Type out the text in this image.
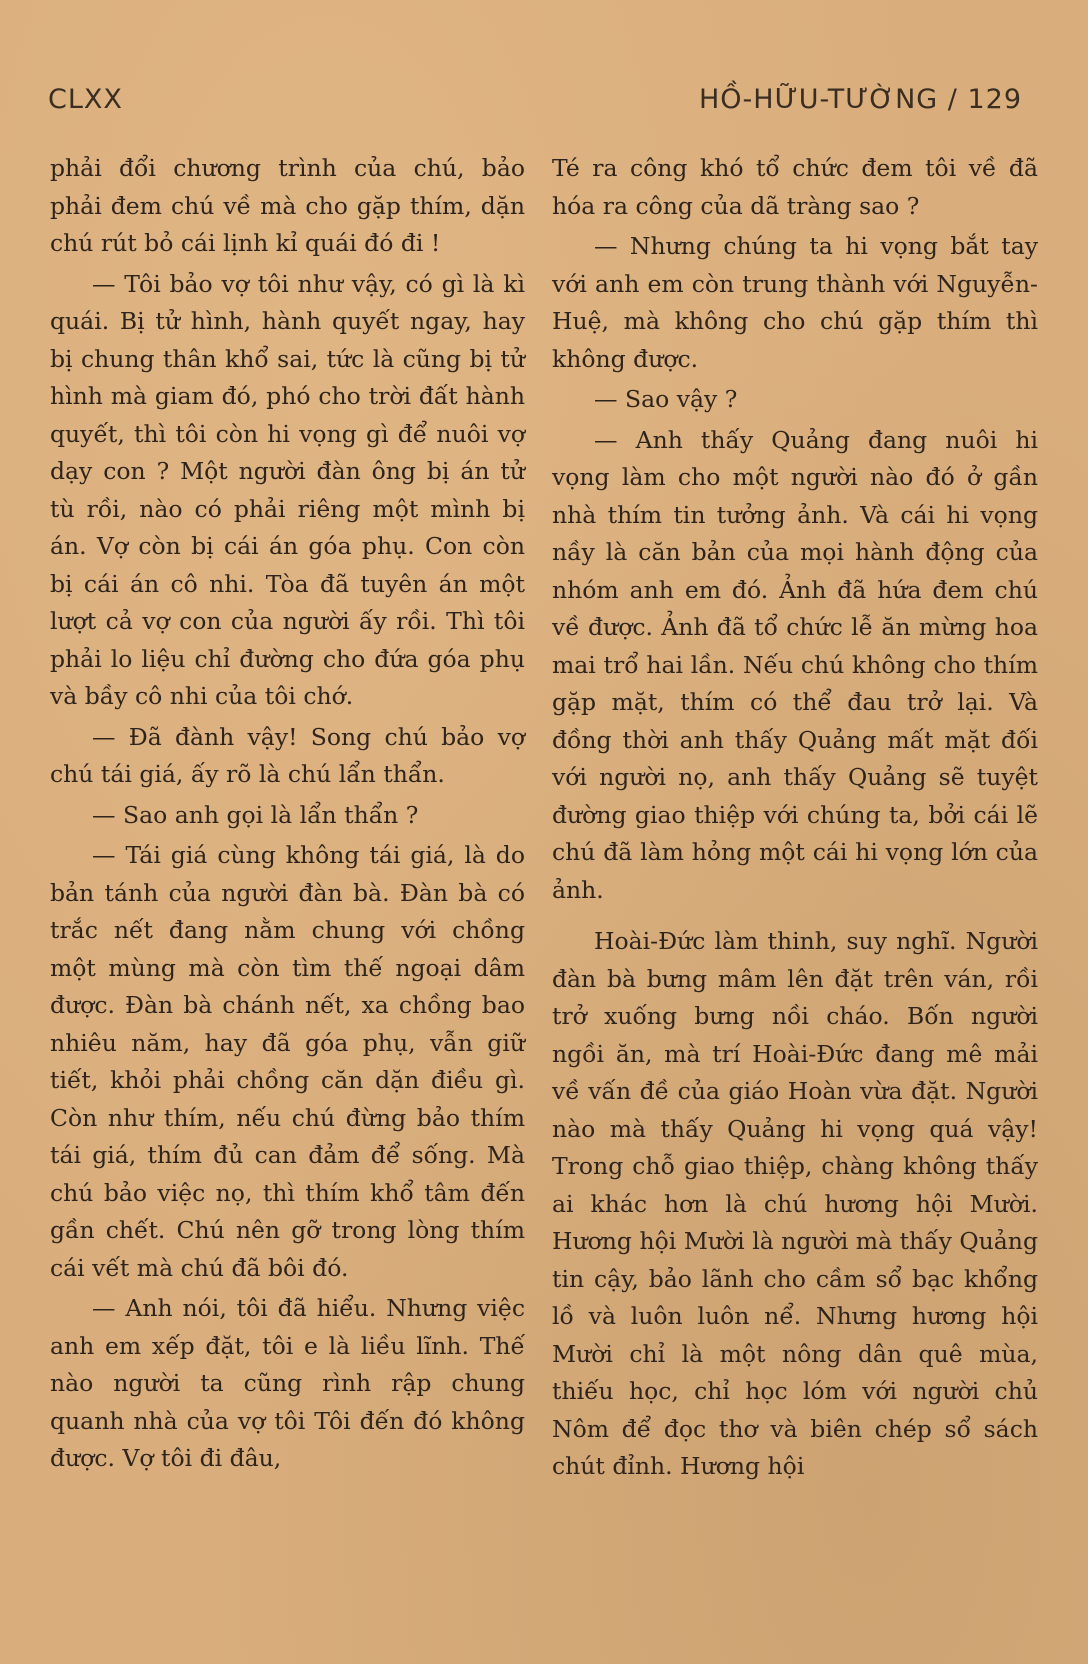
CLXX	HỒ-HỮU-TƯỜNG / 129

phải đổi chương trình của chú, bảo phải đem chú về mà cho gặp thím, dặn chú rút bỏ cái lịnh kỉ quái đó đi !

— Tôi bảo vợ tôi như vậy, có gì là kì quái. Bị tử hình, hành quyết ngay, hay bị chung thân khổ sai, tức là cũng bị tử hình mà giam đó, phó cho trời đất hành quyết, thì tôi còn hi vọng gì để nuôi vợ dạy con ? Một người đàn ông bị án tử tù rồi, nào có phải riêng một mình bị án. Vợ còn bị cái án góa phụ. Con còn bị cái án cô nhi. Tòa đã tuyên án một lượt cả vợ con của người ấy rồi. Thì tôi phải lo liệu chỉ đường cho đứa góa phụ và bầy cô nhi của tôi chớ.

— Đã đành vậy! Song chú bảo vợ chú tái giá, ấy rõ là chú lẩn thẩn.

— Sao anh gọi là lẩn thẩn ?

— Tái giá cùng không tái giá, là do bản tánh của người đàn bà. Đàn bà có trắc nết đang nằm chung với chồng một mùng mà còn tìm thế ngoại dâm được. Đàn bà chánh nết, xa chồng bao nhiêu năm, hay đã góa phụ, vẫn giữ tiết, khỏi phải chồng căn dặn điều gì. Còn như thím, nếu chú đừng bảo thím tái giá, thím đủ can đảm để sống. Mà chú bảo việc nọ, thì thím khổ tâm đến gần chết. Chú nên gỡ trong lòng thím cái vết mà chú đã bôi đó.

— Anh nói, tôi đã hiểu. Nhưng việc anh em xếp đặt, tôi e là liều lĩnh. Thế nào người ta cũng rình rập chung quanh nhà của vợ tôi Tôi đến đó không được. Vợ tôi đi đâu,

Té ra công khó tổ chức đem tôi về đã hóa ra công của dã tràng sao ?

— Nhưng chúng ta hi vọng bắt tay với anh em còn trung thành với Nguyễn-Huệ, mà không cho chú gặp thím thì không được.

— Sao vậy ?

— Anh thấy Quảng đang nuôi hi vọng làm cho một người nào đó ở gần nhà thím tin tưởng ảnh. Và cái hi vọng nầy là căn bản của mọi hành động của nhóm anh em đó. Ảnh đã hứa đem chú về được. Ảnh đã tổ chức lễ ăn mừng hoa mai trổ hai lần. Nếu chú không cho thím gặp mặt, thím có thể đau trở lại. Và đồng thời anh thấy Quảng mất mặt đối với người nọ, anh thấy Quảng sẽ tuyệt đường giao thiệp với chúng ta, bởi cái lẽ chú đã làm hỏng một cái hi vọng lớn của ảnh.

Hoài-Đức làm thinh, suy nghĩ. Người đàn bà bưng mâm lên đặt trên ván, rồi trở xuống bưng nồi cháo. Bốn người ngồi ăn, mà trí Hoài-Đức đang mê mải về vấn đề của giáo Hoàn vừa đặt. Người nào mà thấy Quảng hi vọng quá vậy! Trong chỗ giao thiệp, chàng không thấy ai khác hơn là chú hương hội Mười. Hương hội Mười là người mà thấy Quảng tin cậy, bảo lãnh cho cầm sổ bạc khổng lồ và luôn luôn nể. Nhưng hương hội Mười chỉ là một nông dân quê mùa, thiếu học, chỉ học lóm với người chủ Nôm để đọc thơ và biên chép sổ sách chút đỉnh. Hương hội
